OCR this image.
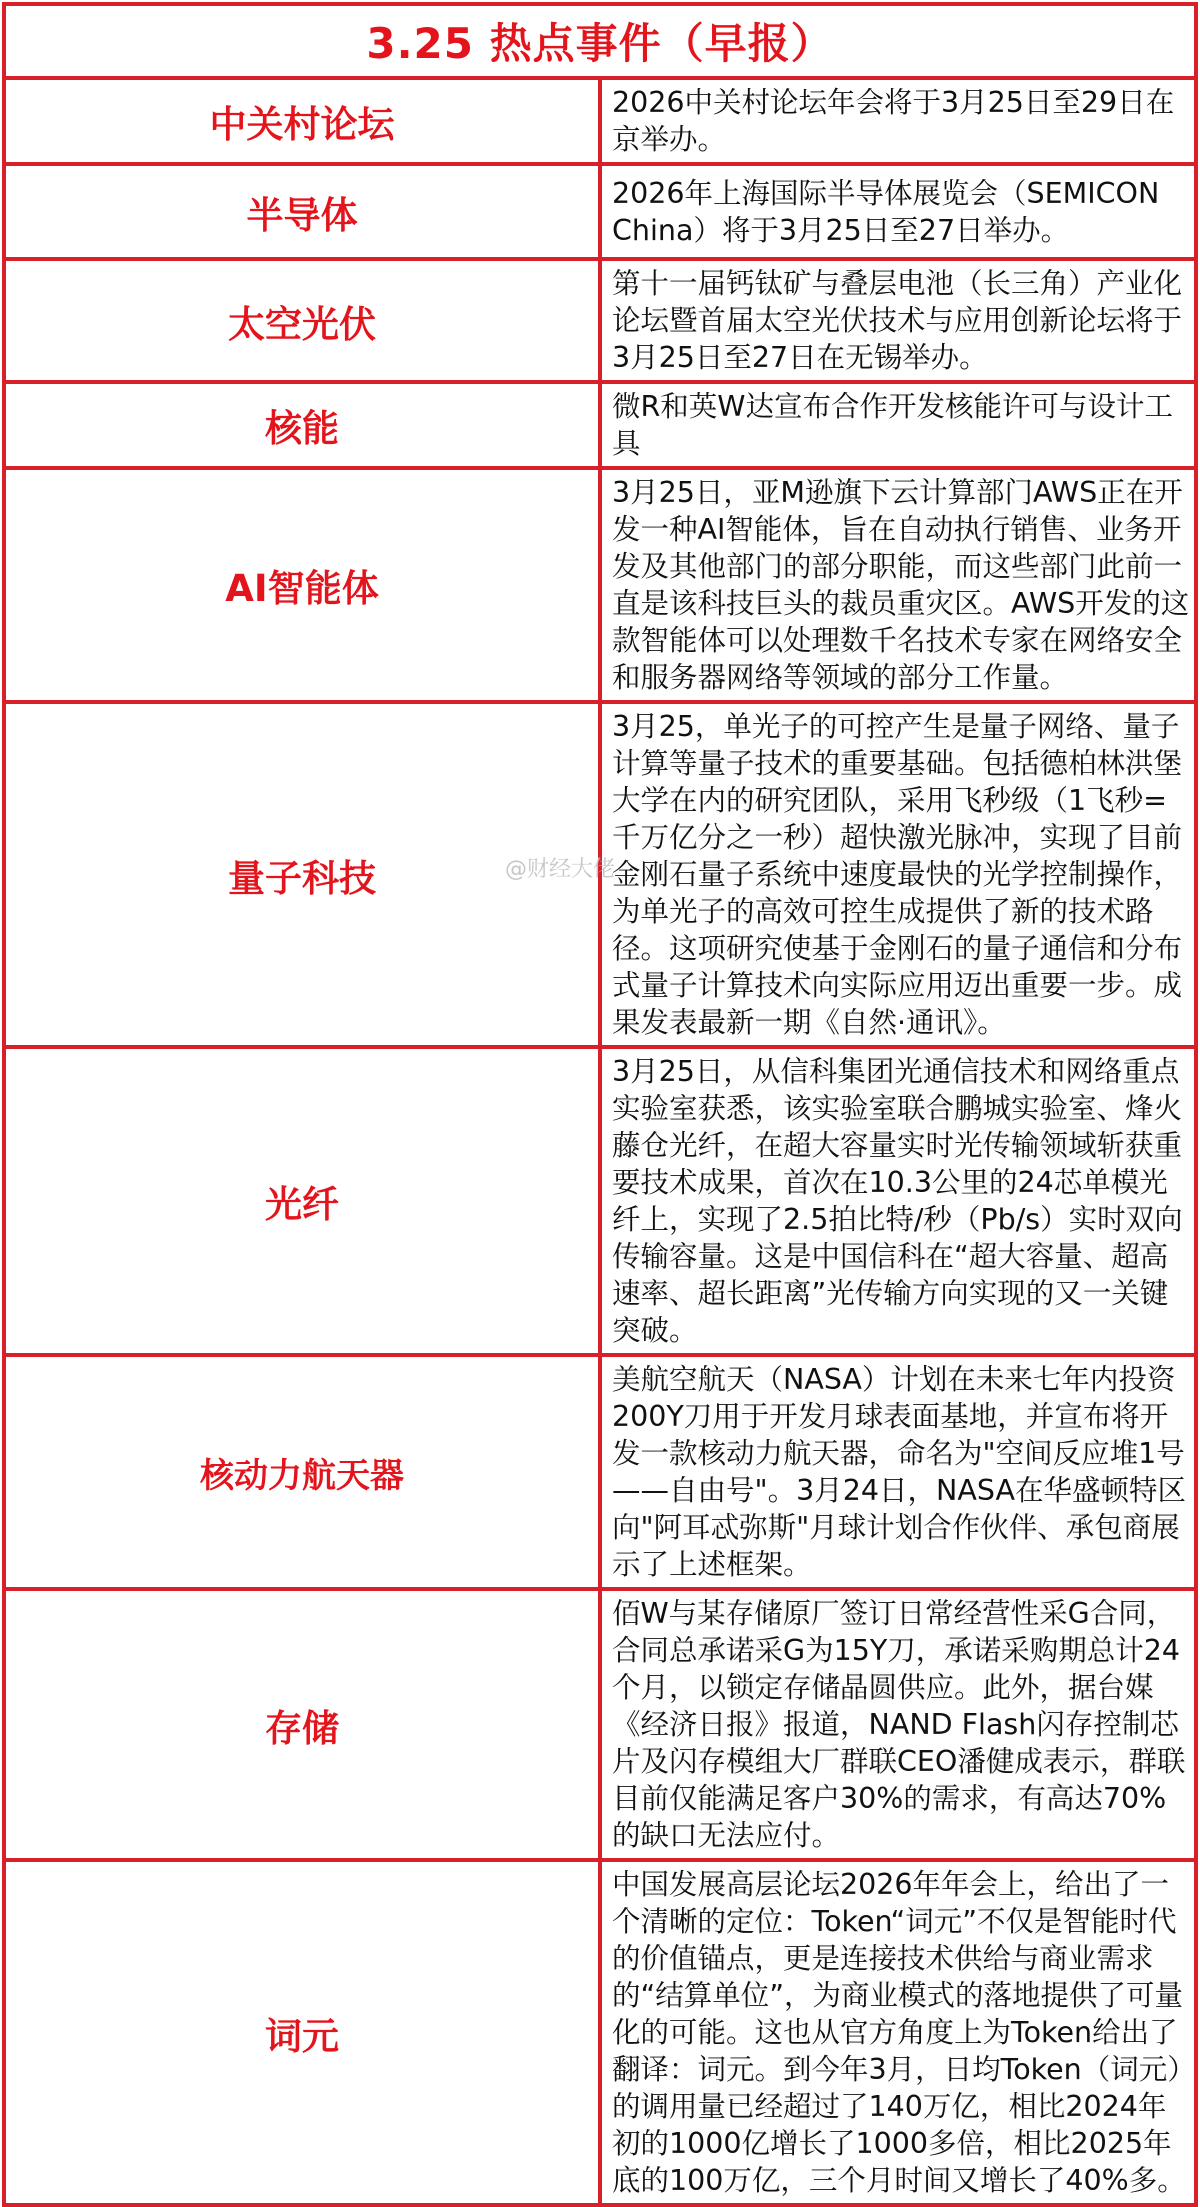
3.25 热点事件（早报）	
中关村论坛	2026中关村论坛年会将于3月25日至29日在京举办。

半导体	2026年上海国际半导体展览会（SEMICON China）将于3月25日至27日举办。

太空光伏	第十一届钙钛矿与叠层电池（长三角）产业化论坛暨首届太空光伏技术与应用创新论坛将于3月25日至27日在无锡举办。

核能	微R和英W达宣布合作开发核能许可与设计工具

AI智能体	3月25日，亚M逊旗下云计算部门AWS正在开发一种AI智能体，旨在自动执行销售、业务开发及其他部门的部分职能，而这些部门此前一直是该科技巨头的裁员重灾区。AWS开发的这款智能体可以处理数千名技术专家在网络安全和服务器网络等领域的部分工作量。

量子科技	3月25，单光子的可控产生是量子网络、量子计算等量子技术的重要基础。包括德柏林洪堡大学在内的研究团队，采用飞秒级（1飞秒=千万亿分之一秒）超快激光脉冲，实现了目前金刚石量子系统中速度最快的光学控制操作，为单光子的高效可控生成提供了新的技术路径。这项研究使基于金刚石的量子通信和分布式量子计算技术向实际应用迈出重要一步。成果发表最新一期《自然·通讯》。

光纤	3月25日，从信科集团光通信技术和网络重点实验室获悉，该实验室联合鹏城实验室、烽火藤仓光纤，在超大容量实时光传输领域斩获重要技术成果，首次在10.3公里的24芯单模光纤上，实现了2.5拍比特/秒（Pb/s）实时双向传输容量。这是中国信科在“超大容量、超高速率、超长距离”光传输方向实现的又一关键突破。

核动力航天器	美航空航天（NASA）计划在未来七年内投资200Y刀用于开发月球表面基地，并宣布将开发一款核动力航天器，命名为"空间反应堆1号——自由号"。3月24日，NASA在华盛顿特区向"阿耳忒弥斯"月球计划合作伙伴、承包商展示了上述框架。

存储	佰W与某存储原厂签订日常经营性采G合同，合同总承诺采G为15Y刀，承诺采购期总计24个月，以锁定存储晶圆供应。此外，据台媒《经济日报》报道，NAND Flash闪存控制芯片及闪存模组大厂群联CEO潘健成表示，群联目前仅能满足客户30%的需求，有高达70%的缺口无法应付。

词元	中国发展高层论坛2026年年会上，给出了一个清晰的定位：Token“词元”不仅是智能时代的价值锚点，更是连接技术供给与商业需求的“结算单位”，为商业模式的落地提供了可量化的可能。这也从官方角度上为Token给出了翻译：词元。到今年3月，日均Token（词元）的调用量已经超过了140万亿，相比2024年初的1000亿增长了1000多倍，相比2025年底的100万亿，三个月时间又增长了40%多。
@财经大佬
